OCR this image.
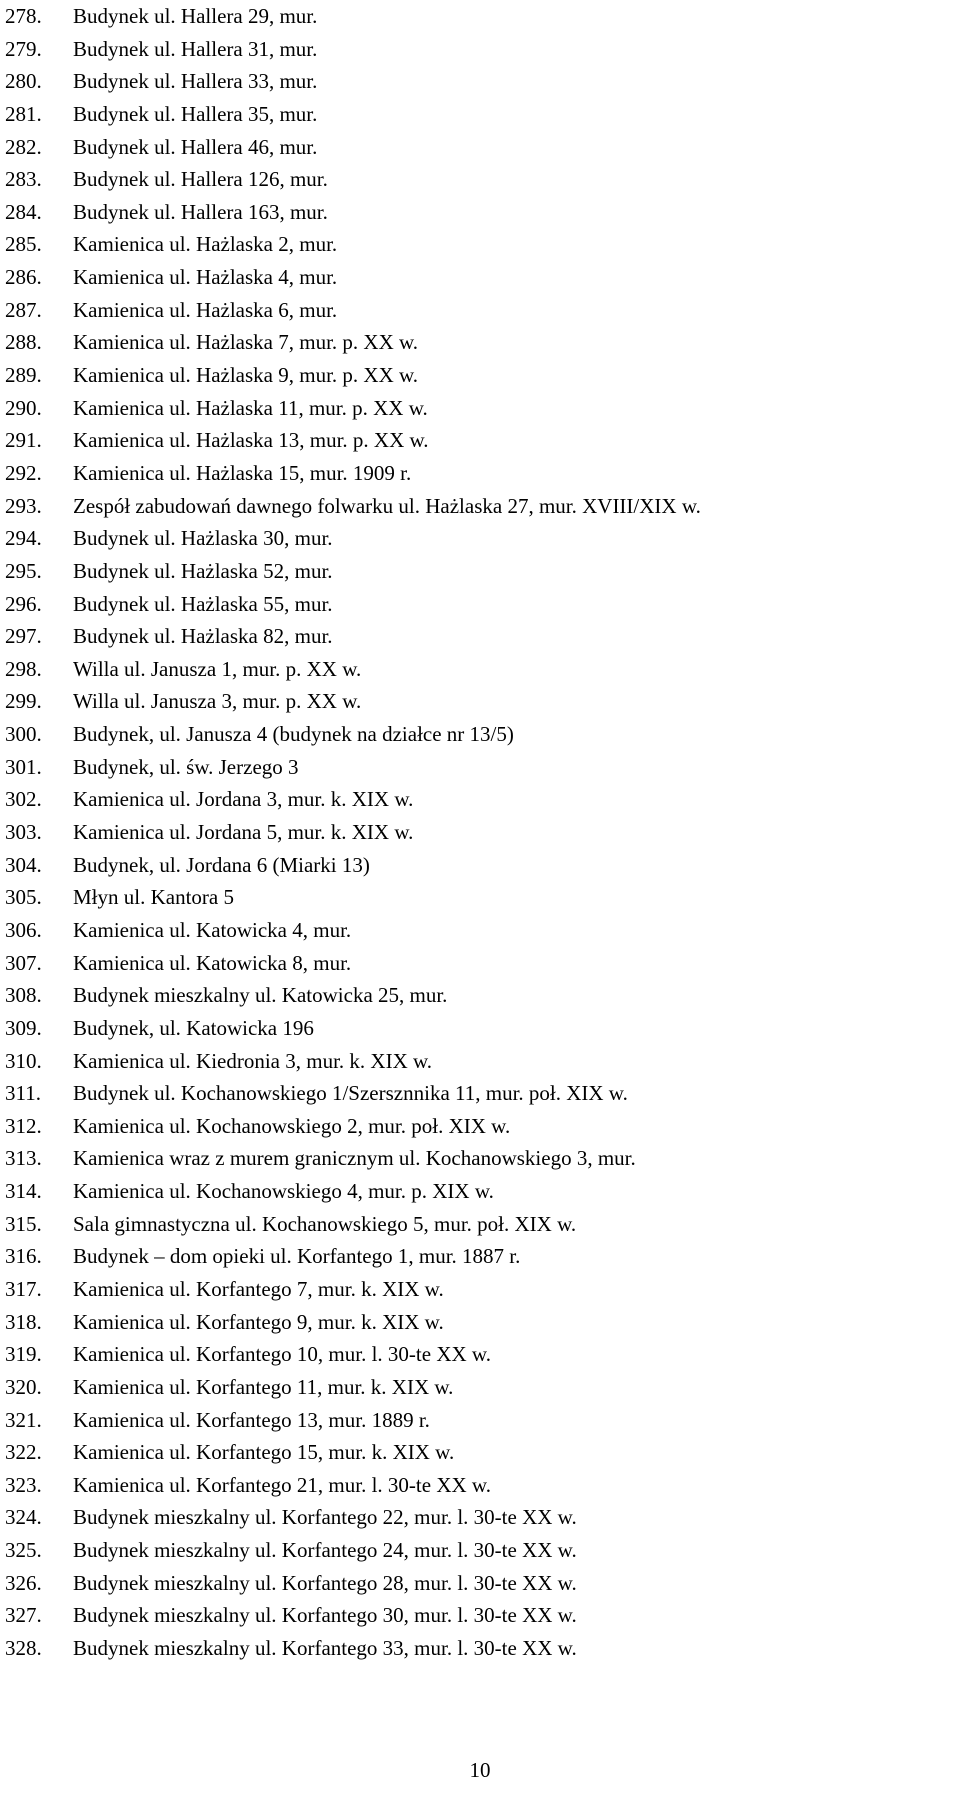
278. Budynek ul. Hallera 29, mur.
279. Budynek ul. Hallera 31, mur.
280. Budynek ul. Hallera 33, mur.
281. Budynek ul. Hallera 35, mur.
282. Budynek ul. Hallera 46, mur.
283. Budynek ul. Hallera 126, mur.
284. Budynek ul. Hallera 163, mur.
285. Kamienica ul. Hażlaska 2, mur.
286. Kamienica ul. Hażlaska 4, mur.
287. Kamienica ul. Hażlaska 6, mur.
288. Kamienica ul. Hażlaska 7, mur. p. XX w.
289. Kamienica ul. Hażlaska 9, mur. p. XX w.
290. Kamienica ul. Hażlaska 11, mur. p. XX w.
291. Kamienica ul. Hażlaska 13, mur. p. XX w.
292. Kamienica ul. Hażlaska 15, mur. 1909 r.
293. Zespół zabudowań dawnego folwarku ul. Hażlaska 27, mur. XVIII/XIX w.
294. Budynek ul. Hażlaska 30, mur.
295. Budynek ul. Hażlaska 52, mur.
296. Budynek ul. Hażlaska 55, mur.
297. Budynek ul. Hażlaska 82, mur.
298. Willa ul. Janusza 1, mur. p. XX w.
299. Willa ul. Janusza 3, mur. p. XX w.
300. Budynek, ul. Janusza 4 (budynek na działce nr 13/5)
301. Budynek, ul. św. Jerzego 3
302. Kamienica ul. Jordana 3, mur. k. XIX w.
303. Kamienica ul. Jordana 5, mur. k. XIX w.
304. Budynek, ul. Jordana 6 (Miarki 13)
305. Młyn ul. Kantora 5
306. Kamienica ul. Katowicka 4, mur.
307. Kamienica ul. Katowicka 8, mur.
308. Budynek mieszkalny ul. Katowicka 25, mur.
309. Budynek, ul. Katowicka 196
310. Kamienica ul. Kiedronia 3, mur. k. XIX w.
311. Budynek ul. Kochanowskiego 1/Szersznnika 11, mur. poł. XIX w.
312. Kamienica ul. Kochanowskiego 2, mur. poł. XIX w.
313. Kamienica wraz z murem granicznym ul. Kochanowskiego 3, mur.
314. Kamienica ul. Kochanowskiego 4, mur. p. XIX w.
315. Sala gimnastyczna ul. Kochanowskiego 5, mur. poł. XIX w.
316. Budynek – dom opieki ul. Korfantego 1, mur. 1887 r.
317. Kamienica ul. Korfantego 7, mur. k. XIX w.
318. Kamienica ul. Korfantego 9, mur. k. XIX w.
319. Kamienica ul. Korfantego 10, mur. l. 30-te XX w.
320. Kamienica ul. Korfantego 11, mur. k. XIX w.
321. Kamienica ul. Korfantego 13, mur. 1889 r.
322. Kamienica ul. Korfantego 15, mur. k. XIX w.
323. Kamienica ul. Korfantego 21, mur. l. 30-te XX w.
324. Budynek mieszkalny ul. Korfantego 22, mur. l. 30-te XX w.
325. Budynek mieszkalny ul. Korfantego 24, mur. l. 30-te XX w.
326. Budynek mieszkalny ul. Korfantego 28, mur. l. 30-te XX w.
327. Budynek mieszkalny ul. Korfantego 30, mur. l. 30-te XX w.
328. Budynek mieszkalny ul. Korfantego 33, mur. l. 30-te XX w.
10
